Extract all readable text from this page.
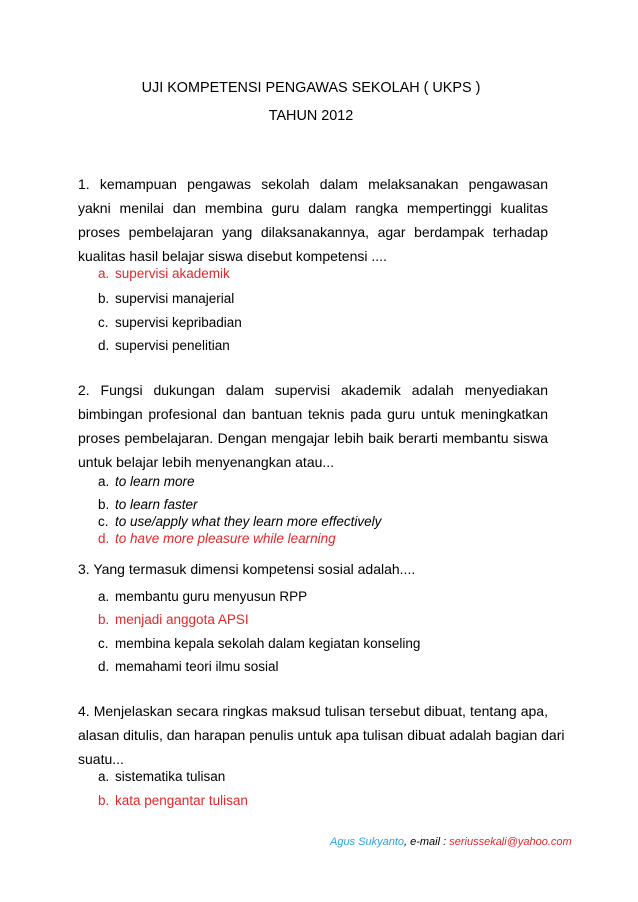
UJI KOMPETENSI PENGAWAS SEKOLAH ( UKPS )
TAHUN 2012
1. kemampuan pengawas sekolah dalam melaksanakan pengawasan
yakni menilai dan membina guru dalam rangka mempertinggi kualitas
proses pembelajaran yang dilaksanakannya, agar berdampak terhadap
kualitas hasil belajar siswa disebut kompetensi ....
a. supervisi akademik
b. supervisi manajerial
c. supervisi kepribadian
d. supervisi penelitian
2. Fungsi dukungan dalam supervisi akademik adalah menyediakan
bimbingan profesional dan bantuan teknis pada guru untuk meningkatkan
proses pembelajaran. Dengan mengajar lebih baik berarti membantu siswa
untuk belajar lebih menyenangkan atau...
a. to learn more
b. to learn faster
c. to use/apply what they learn more effectively
d. to have more pleasure while learning
3. Yang termasuk dimensi kompetensi sosial adalah....
a. membantu guru menyusun RPP
b. menjadi anggota APSI
c. membina kepala sekolah dalam kegiatan konseling
d. memahami teori ilmu sosial
4. Menjelaskan secara ringkas maksud tulisan tersebut dibuat, tentang apa,
alasan ditulis, dan harapan penulis untuk apa tulisan dibuat adalah bagian dari
suatu...
a. sistematika tulisan
b. kata pengantar tulisan
Agus Sukyanto, e-mail : seriussekali@yahoo.com
